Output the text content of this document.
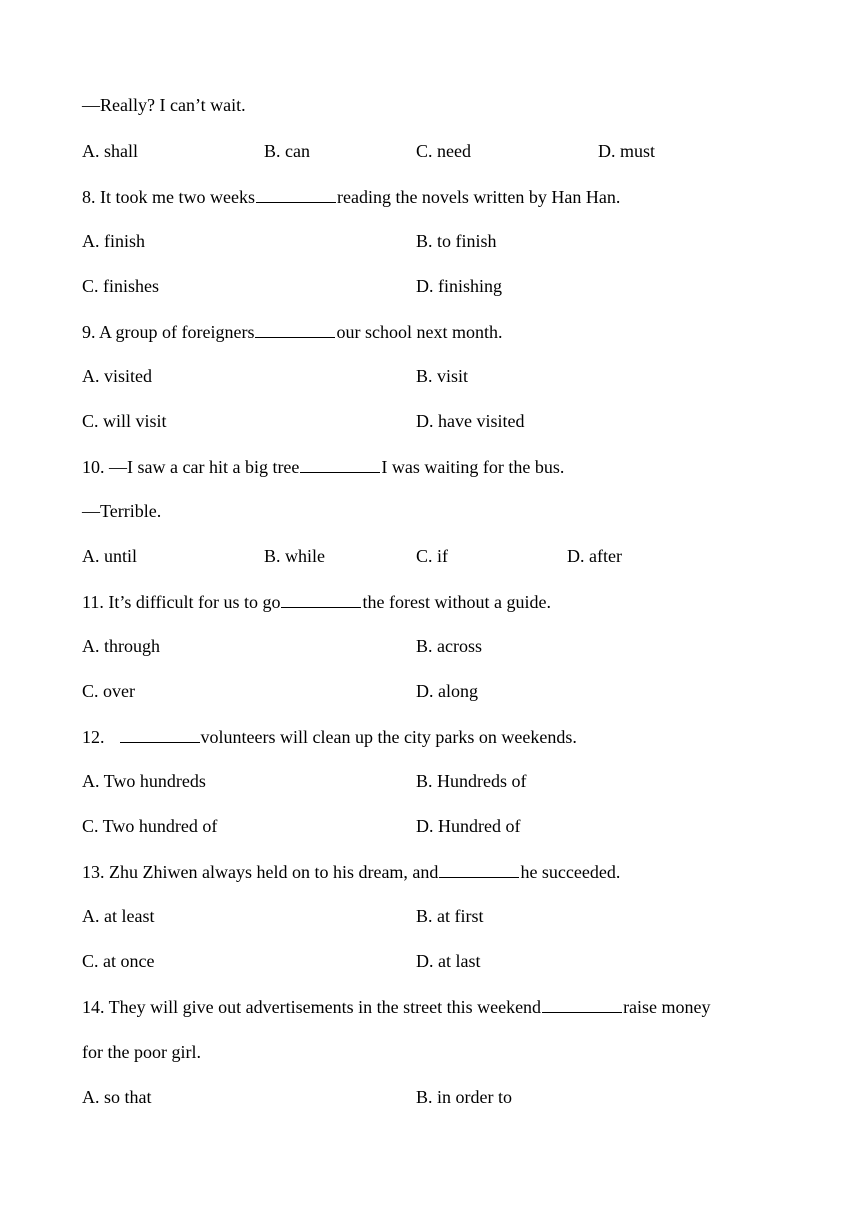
—Really? I can’t wait.
A. shall	B. can	C. need	D. must
8. It took me two weeks	reading the novels written by Han Han.
A. finish	B. to finish
C. finishes	D. finishing
9. A group of foreigners	our school next month.
A. visited	B. visit
C. will visit	D. have visited
10. —I saw a car hit a big tree	I was waiting for the bus.
—Terrible.
A. until	B. while	C. if	D. after
11. It’s difficult for us to go	the forest without a guide.
A. through	B. across
C. over	D. along
12.	volunteers will clean up the city parks on weekends.
A. Two hundreds	B. Hundreds of
C. Two hundred of	D. Hundred of
13. Zhu Zhiwen always held on to his dream, and	he succeeded.
A. at least	B. at first
C. at once	D. at last
14. They will give out advertisements in the street this weekend	raise money
for the poor girl.
A. so that	B. in order to
